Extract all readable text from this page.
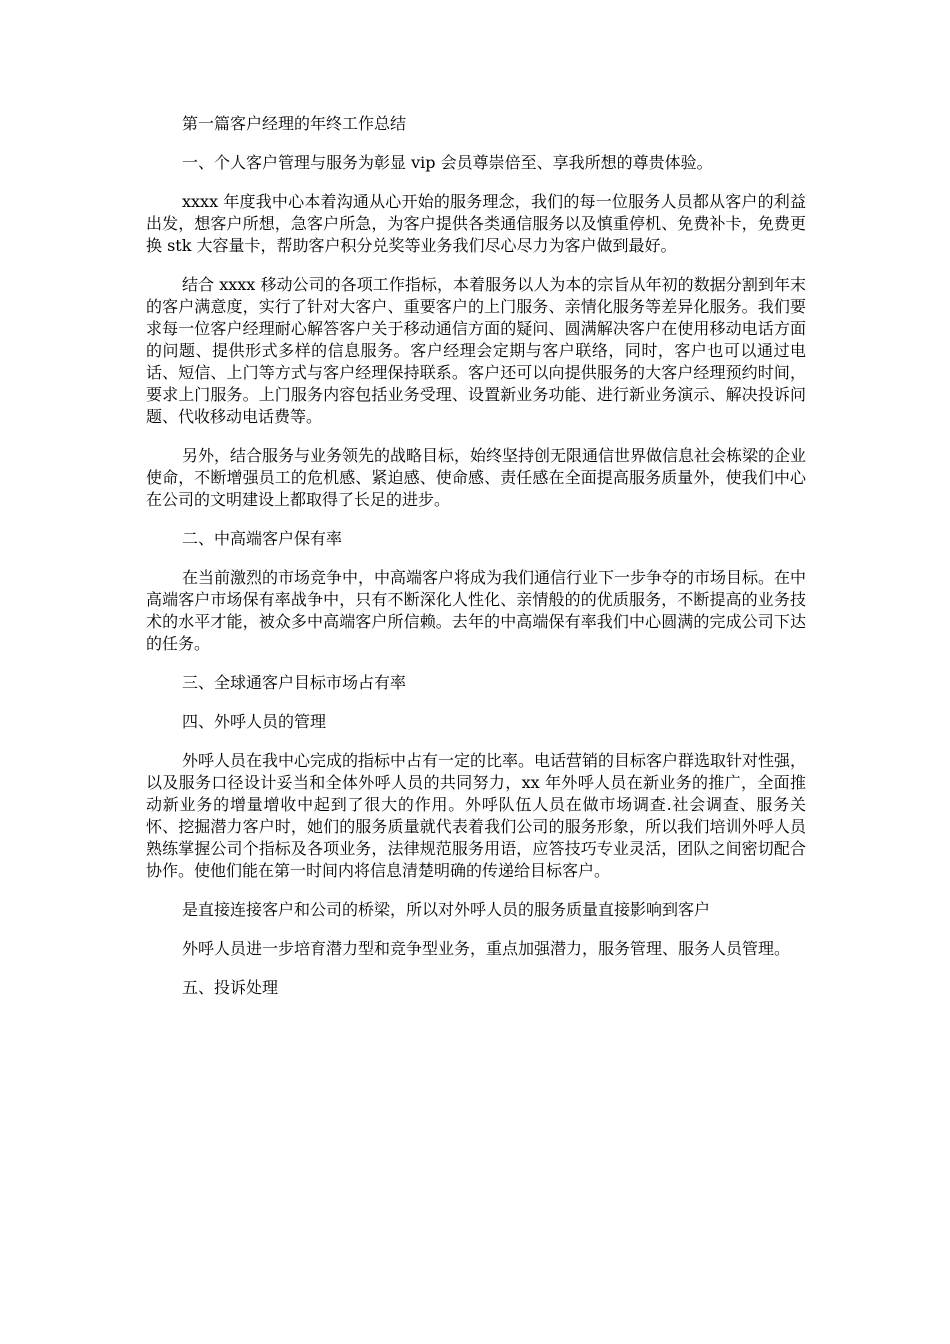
第一篇客户经理的年终工作总结

一、个人客户管理与服务为彰显 vip 会员尊崇倍至、享我所想的尊贵体验。

xxxx 年度我中心本着沟通从心开始的服务理念，我们的每一位服务人员都从客户的利益出发，想客户所想，急客户所急，为客户提供各类通信服务以及慎重停机、免费补卡，免费更换 stk 大容量卡，帮助客户积分兑奖等业务我们尽心尽力为客户做到最好。

结合 xxxx 移动公司的各项工作指标，本着服务以人为本的宗旨从年初的数据分割到年末的客户满意度，实行了针对大客户、重要客户的上门服务、亲情化服务等差异化服务。我们要求每一位客户经理耐心解答客户关于移动通信方面的疑问、圆满解决客户在使用移动电话方面的问题、提供形式多样的信息服务。客户经理会定期与客户联络，同时，客户也可以通过电话、短信、上门等方式与客户经理保持联系。客户还可以向提供服务的大客户经理预约时间，要求上门服务。上门服务内容包括业务受理、设置新业务功能、进行新业务演示、解决投诉问题、代收移动电话费等。

另外，结合服务与业务领先的战略目标，始终坚持创无限通信世界做信息社会栋梁的企业使命，不断增强员工的危机感、紧迫感、使命感、责任感在全面提高服务质量外，使我们中心在公司的文明建设上都取得了长足的进步。

二、中高端客户保有率

在当前激烈的市场竞争中，中高端客户将成为我们通信行业下一步争夺的市场目标。在中高端客户市场保有率战争中，只有不断深化人性化、亲情般的的优质服务，不断提高的业务技术的水平才能，被众多中高端客户所信赖。去年的中高端保有率我们中心圆满的完成公司下达的任务。

三、全球通客户目标市场占有率

四、外呼人员的管理

外呼人员在我中心完成的指标中占有一定的比率。电话营销的目标客户群选取针对性强，以及服务口径设计妥当和全体外呼人员的共同努力，xx 年外呼人员在新业务的推广，全面推动新业务的增量增收中起到了很大的作用。外呼队伍人员在做市场调查.社会调查、服务关怀、挖掘潜力客户时，她们的服务质量就代表着我们公司的服务形象，所以我们培训外呼人员熟练掌握公司个指标及各项业务，法律规范服务用语，应答技巧专业灵活，团队之间密切配合协作。使他们能在第一时间内将信息清楚明确的传递给目标客户。

是直接连接客户和公司的桥梁，所以对外呼人员的服务质量直接影响到客户

外呼人员进一步培育潜力型和竞争型业务，重点加强潜力，服务管理、服务人员管理。

五、投诉处理
